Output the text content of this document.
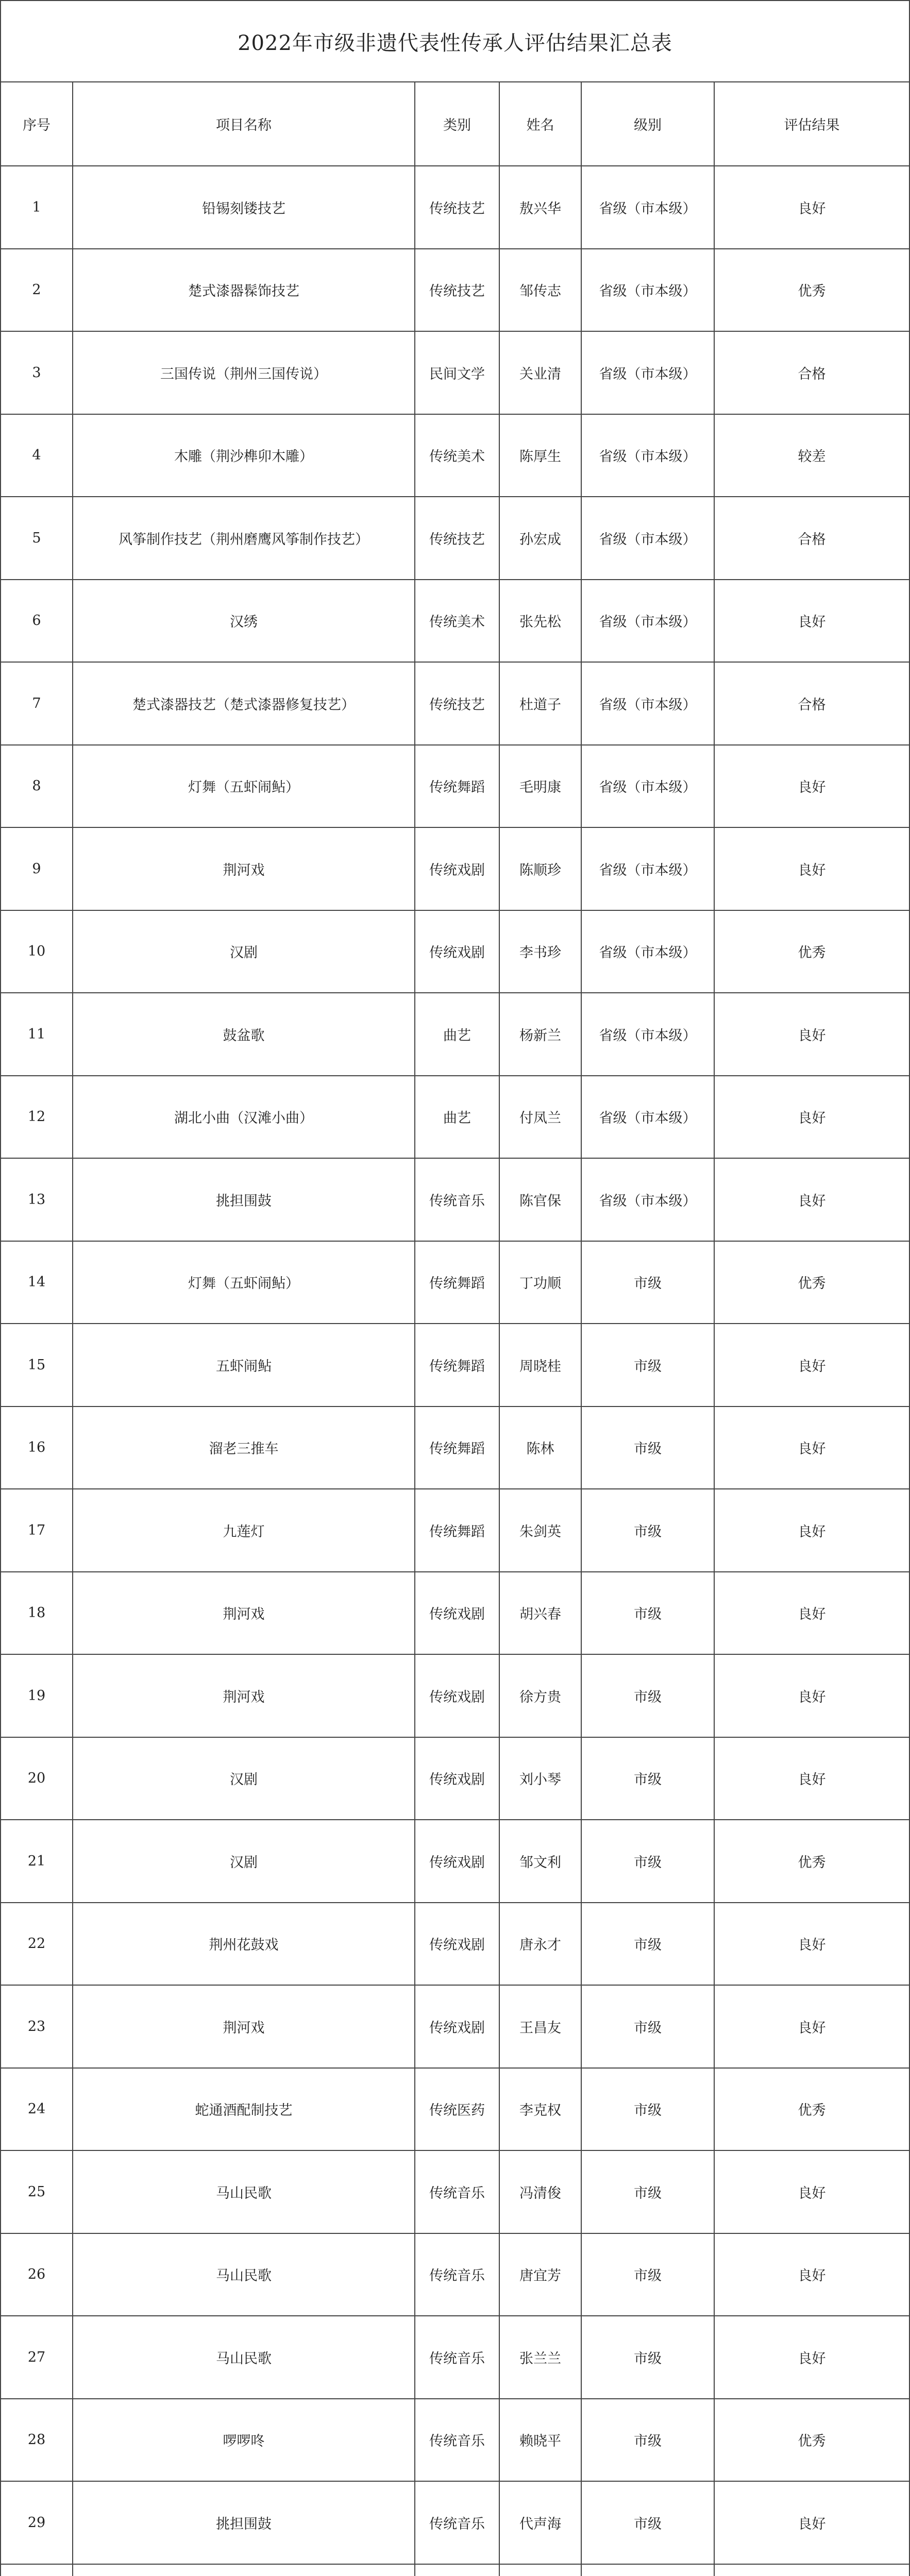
2022年市级非遗代表性传承人评估结果汇总表
序号	项目名称	类别	姓名	级别	评估结果
1	铅锡刻镂技艺	传统技艺	敖兴华	省级（市本级）	良好
2	楚式漆器髹饰技艺	传统技艺	邹传志	省级（市本级）	优秀
3	三国传说（荆州三国传说）	民间文学	关业清	省级（市本级）	合格
4	木雕（荆沙榫卯木雕）	传统美术	陈厚生	省级（市本级）	较差
5	风筝制作技艺（荆州磨鹰风筝制作技艺）	传统技艺	孙宏成	省级（市本级）	合格
6	汉绣	传统美术	张先松	省级（市本级）	良好
7	楚式漆器技艺（楚式漆器修复技艺）	传统技艺	杜道子	省级（市本级）	合格
8	灯舞（五虾闹鲇）	传统舞蹈	毛明康	省级（市本级）	良好
9	荆河戏	传统戏剧	陈顺珍	省级（市本级）	良好
10	汉剧	传统戏剧	李书珍	省级（市本级）	优秀
11	鼓盆歌	曲艺	杨新兰	省级（市本级）	良好
12	湖北小曲（汉滩小曲）	曲艺	付凤兰	省级（市本级）	良好
13	挑担围鼓	传统音乐	陈官保	省级（市本级）	良好
14	灯舞（五虾闹鲇）	传统舞蹈	丁功顺	市级	优秀
15	五虾闹鲇	传统舞蹈	周晓桂	市级	良好
16	溜老三推车	传统舞蹈	陈林	市级	良好
17	九莲灯	传统舞蹈	朱剑英	市级	良好
18	荆河戏	传统戏剧	胡兴春	市级	良好
19	荆河戏	传统戏剧	徐方贵	市级	良好
20	汉剧	传统戏剧	刘小琴	市级	良好
21	汉剧	传统戏剧	邹文利	市级	优秀
22	荆州花鼓戏	传统戏剧	唐永才	市级	良好
23	荆河戏	传统戏剧	王昌友	市级	良好
24	蛇通酒配制技艺	传统医药	李克权	市级	优秀
25	马山民歌	传统音乐	冯清俊	市级	良好
26	马山民歌	传统音乐	唐宜芳	市级	良好
27	马山民歌	传统音乐	张兰兰	市级	良好
28	啰啰咚	传统音乐	赖晓平	市级	优秀
29	挑担围鼓	传统音乐	代声海	市级	良好
